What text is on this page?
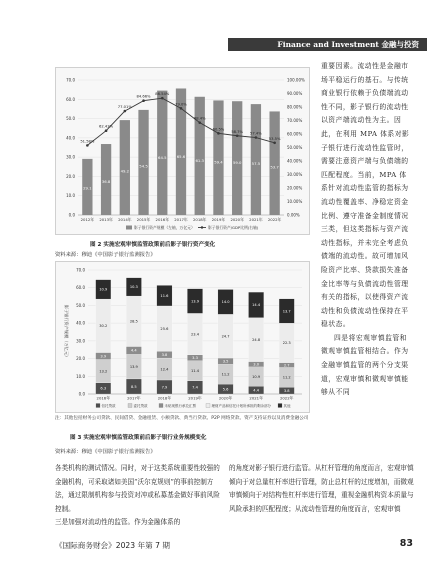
Finance and Investment 金融与投资
0.0
10.0
20.0
30.0
40.0
50.0
60.0
70.0
0.00%
10.00%
20.00%
30.00%
40.00%
50.00%
60.00%
70.00%
80.00%
90.00%
100.00%
29.1
2012年
36.8
2013年
49.2
2014年
54.5
2015年
64.5
2016年
65.6
2017年
61.3
2018年
59.4
2019年
59.0
2020年
57.5
2021年
53.7
2022年
51.58%
62.43%
77.01%
84.66%
86.54%
79.0%
68.4%
60.5%
58.7% 57.4%
53.5%
影子银行资产规模（左轴，万亿元）	影子银行资产/GDP比例(右轴)
图 2 实施宏观审慎监管政策前后影子银行资产变化
资料来源：穆迪《中国影子银行监测报告》
0.0
10.0
20.0
30.0
40.0
50.0
60.0
70.0
影子银行资产规模（万亿元）
6.3
13.2
3.9
30.2
10.9
2016年
8.5
13.9
4.4
28.5
10.3
2017年
7.9
12.4
3.8
25.6
11.6
2018年
7.4
11.4
3.3
23.4
13.9
2019年
5.6
11.2
3.5
24.7
14.0
2020年
4.4
10.9
3.0
24.8
14.4
2021年
3.8
11.2
2.7
22.3
13.7
2022年
信托贷款	委托贷款	未贴现银行承兑汇票	理财产品和信托计划所承担的剩余部分	其他
注：其他包括财务公司贷款、民间借贷、金融租赁、小额贷款、典当行贷款、P2P 网络贷款、资产支持证券以及消费金融公司
图 3 实施宏观审慎监管政策前后影子银行业务规模变化
资料来源：穆迪《中国影子银行监测报告》

重要因素。流动性是金融市场平稳运行的基石。与传统商业银行依赖于负债端流动性不同，影子银行的流动性以资产端流动性为主。因此，在利用 MPA 体系对影子银行进行流动性监管时，需要注意资产端与负债端的匹配程度。当前，MPA 体系针对流动性监管的指标为流动性覆盖率、净稳定资金比例、遵守准备金制度情况三类，但这类指标与资产流动性指标，并未完全考虑负债端的流动性。故可增加风险资产比率、贷款损失准备金比率等与负债流动性管理有关的指标，以使得资产流动性和负债流动性保持在平稳状态。

四是将宏观审慎监管和微观审慎监管相结合。作为金融审慎监管的两个分支渠道，宏观审慎和微观审慎能够从不同

各类机构的测试情况。同时，对于这类系统重要性较强的金融机构，可采取诸如美国“沃尔克规则”的事前控制方法，通过限制机构参与投资对冲或私募基金做好事前风险控制。
三是加强对流动性的监管。作为金融体系的

的角度对影子银行进行监管。从杠杆管理的角度而言，宏观审慎倾向于对总量杠杆率进行管理，防止总杠杆的过度增加，而微观审慎倾向于对结构性杠杆率进行管理，重视金融机构资本质量与风险承担的匹配程度；从流动性管理的角度而言，宏观审慎

《国际商务财会》2023 年第 7 期	83
